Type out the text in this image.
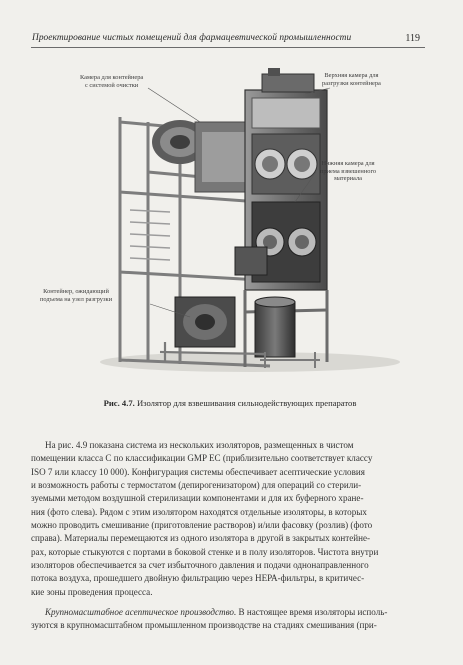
Проектирование чистых помещений для фармацевтической промышленности	119
Камера для контейнера
с системой очистки
Верхняя камера для
разгрузки контейнера
Нижняя камера для
приема взвешенного
материала
Контейнер, ожидающий
подъема на узел разгрузки
Рис. 4.7. Изолятор для взвешивания сильнодействующих препаратов
На рис. 4.9 показана система из нескольких изоляторов, размещенных в чистом
помещении класса С по классификации GMP ЕС (приблизительно соответствует классу
ISO 7 или классу 10 000). Конфигурация системы обеспечивает асептические условия
и возможность работы с термостатом (депирогенизатором) для операций со стерили-
зуемыми методом воздушной стерилизации компонентами и для их буферного хране-
ния (фото слева). Рядом с этим изолятором находятся отдельные изоляторы, в которых
можно проводить смешивание (приготовление растворов) и/или фасовку (розлив) (фото
справа). Материалы перемещаются из одного изолятора в другой в закрытых контейне-
рах, которые стыкуются с портами в боковой стенке и в полу изоляторов. Чистота внутри
изоляторов обеспечивается за счет избыточного давления и подачи однонаправленного
потока воздуха, прошедшего двойную фильтрацию через НЕРА-фильтры, в критичес-
кие зоны проведения процесса.
Крупномасштабное асептическое производство. В настоящее время изоляторы исполь-
зуются в крупномасштабном промышленном производстве на стадиях смешивания (при-
